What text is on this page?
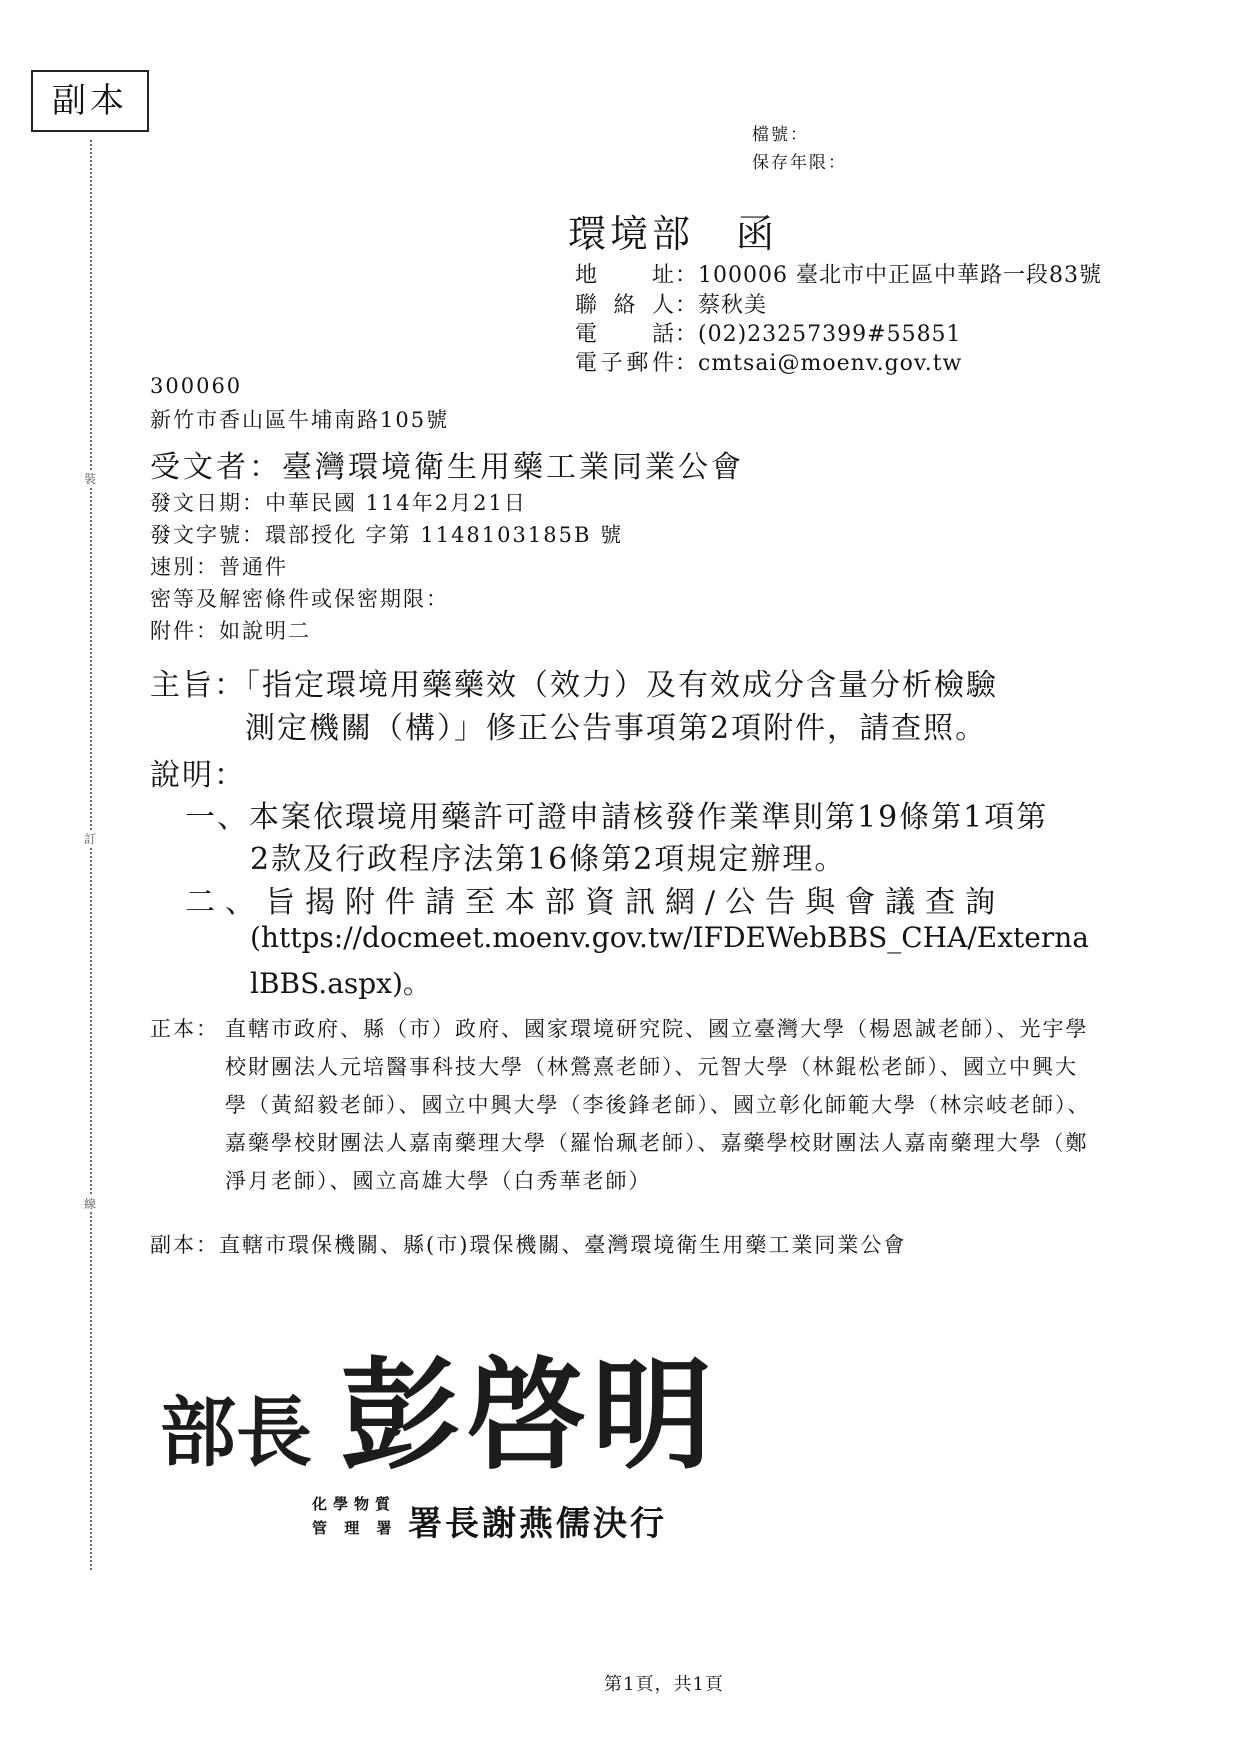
副本
裝
訂
線
檔號：
保存年限：
環境部　函
地　址：100006 臺北市中正區中華路一段83號
聯絡人：蔡秋美
電　話：(02)23257399#55851
電子郵件：cmtsai@moenv.gov.tw
300060
新竹市香山區牛埔南路105號
受文者：臺灣環境衛生用藥工業同業公會
發文日期：中華民國 114年2月21日
發文字號：環部授化 字第 1148103185B 號
速別：普通件
密等及解密條件或保密期限：
附件：如說明二
主旨：
「指定環境用藥藥效（效力）及有效成分含量分析檢驗
測定機關（構）」修正公告事項第2項附件，請查照。
說明：
一、本案依環境用藥許可證申請核發作業準則第19條第1項第
2款及行政程序法第16條第2項規定辦理。
二、旨揭附件請至本部資訊網/公告與會議查詢
(https://docmeet.moenv.gov.tw/IFDEWebBBS_CHA/Externa
lBBS.aspx)。
正本： 直轄市政府、縣（市）政府、國家環境研究院、國立臺灣大學（楊恩誠老師）、光宇學校財團法人元培醫事科技大學（林鶯熹老師）、元智大學（林錕松老師）、國立中興大學（黃紹毅老師）、國立中興大學（李後鋒老師）、國立彰化師範大學（林宗岐老師）、嘉藥學校財團法人嘉南藥理大學（羅怡珮老師）、嘉藥學校財團法人嘉南藥理大學（鄭淨月老師）、國立高雄大學（白秀華老師）
副本：直轄市環保機關、縣(市)環保機關、臺灣環境衛生用藥工業同業公會
部長 彭啓明
化學物質
管 理 署 署長謝燕儒決行
第1頁，共1頁
